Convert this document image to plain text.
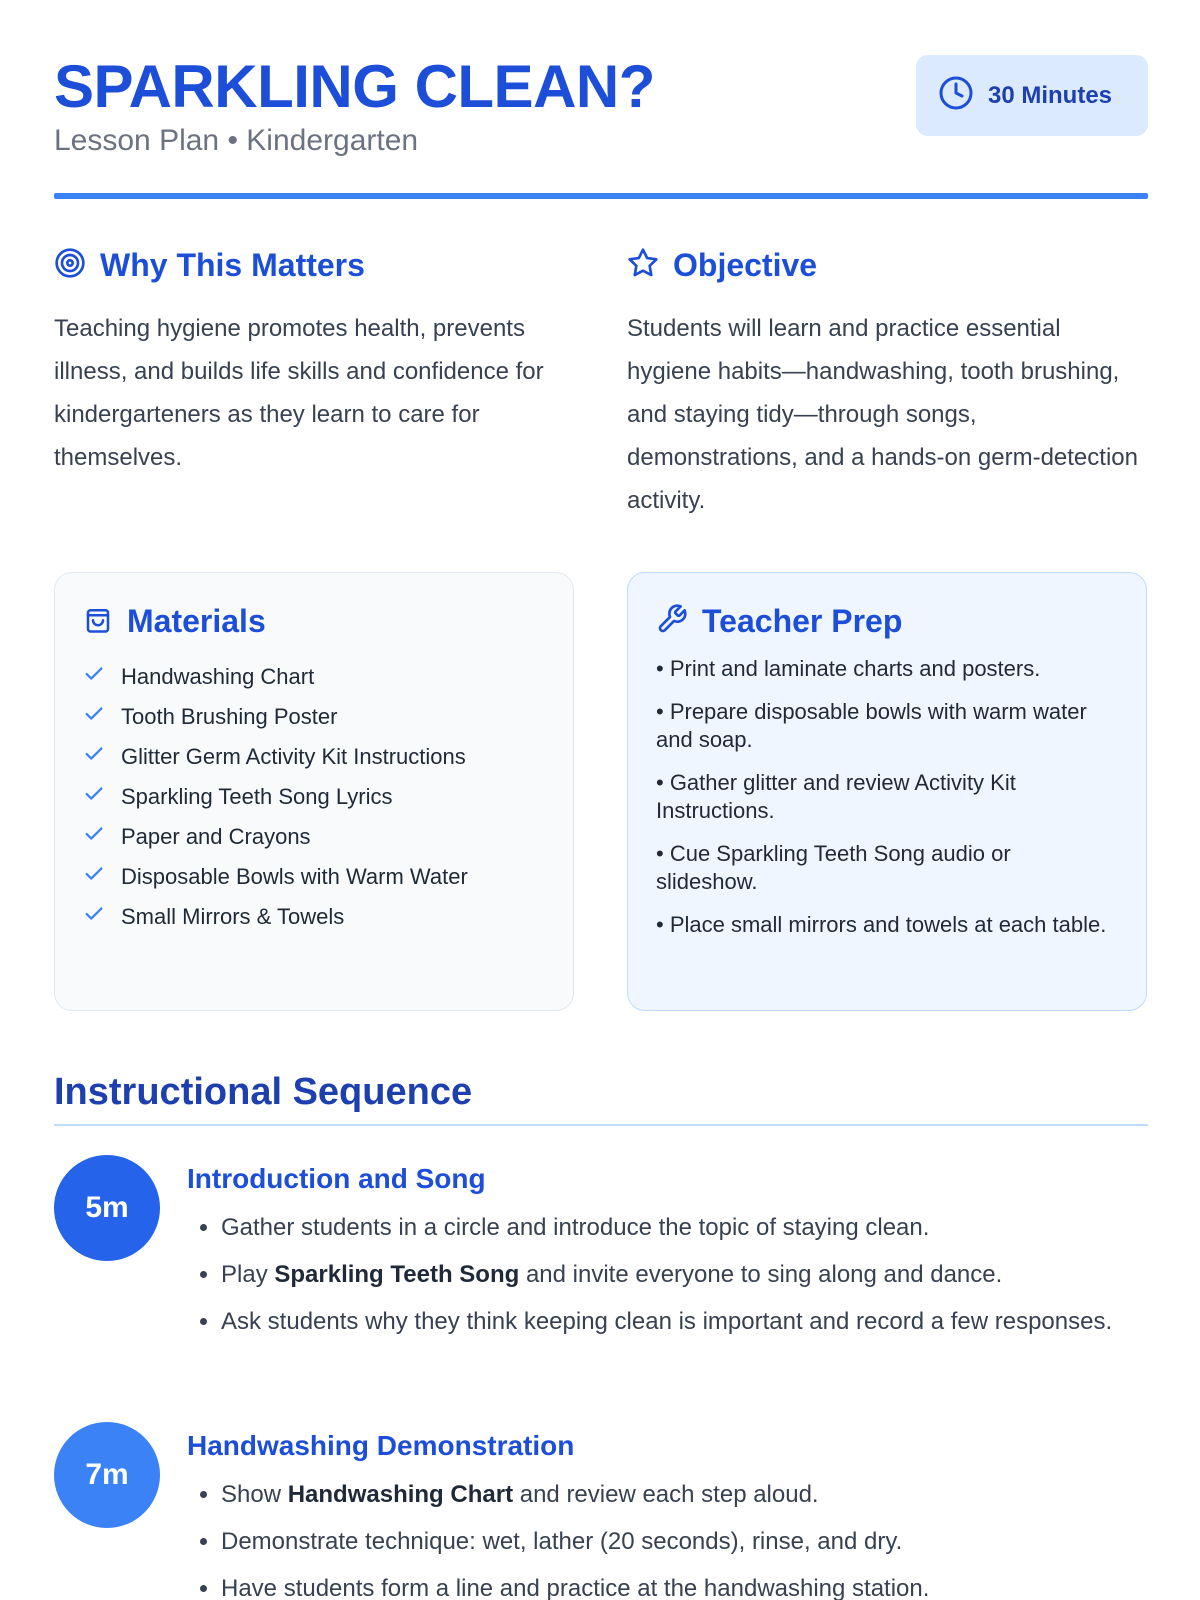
SPARKLING CLEAN?
Lesson Plan • Kindergarten
30 Minutes
Why This Matters

Teaching hygiene promotes health, prevents illness, and builds life skills and confidence for kindergarteners as they learn to care for themselves.

Objective

Students will learn and practice essential hygiene habits—handwashing, tooth brushing, and staying tidy—through songs, demonstrations, and a hands-on germ-detection activity.

Materials
Handwashing Chart
Tooth Brushing Poster
Glitter Germ Activity Kit Instructions
Sparkling Teeth Song Lyrics
Paper and Crayons
Disposable Bowls with Warm Water
Small Mirrors & Towels
Teacher Prep
• Print and laminate charts and posters.
• Prepare disposable bowls with warm water and soap.
• Gather glitter and review Activity Kit Instructions.
• Cue Sparkling Teeth Song audio or slideshow.
• Place small mirrors and towels at each table.
Instructional Sequence
5m
Introduction and Song
• Gather students in a circle and introduce the topic of staying clean.
• Play Sparkling Teeth Song and invite everyone to sing along and dance.
• Ask students why they think keeping clean is important and record a few responses.
7m
Handwashing Demonstration
• Show Handwashing Chart and review each step aloud.
• Demonstrate technique: wet, lather (20 seconds), rinse, and dry.
• Have students form a line and practice at the handwashing station.
